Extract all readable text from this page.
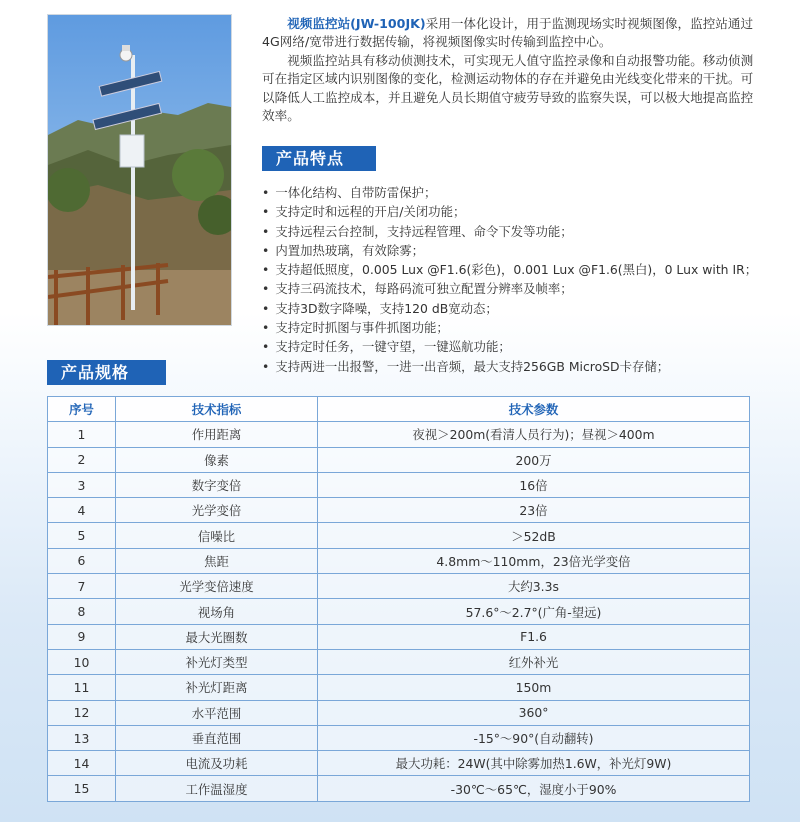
视频监控站(JW-100JK)采用一体化设计，用于监测现场实时视频图像，监控站通过4G网络/宽带进行数据传输，将视频图像实时传输到监控中心。

视频监控站具有移动侦测技术，可实现无人值守监控录像和自动报警功能。移动侦测可在指定区域内识别图像的变化，检测运动物体的存在并避免由光线变化带来的干扰。可以降低人工监控成本，并且避免人员长期值守疲劳导致的监察失误，可以极大地提高监控效率。

产品特点
• 一体化结构、自带防雷保护；
• 支持定时和远程的开启/关闭功能；
• 支持远程云台控制，支持远程管理、命令下发等功能；
• 内置加热玻璃，有效除雾；
• 支持超低照度，0.005 Lux @F1.6(彩色)，0.001 Lux @F1.6(黑白)，0 Lux with IR；
• 支持三码流技术，每路码流可独立配置分辨率及帧率；
• 支持3D数字降噪，支持120 dB宽动态；
• 支持定时抓图与事件抓图功能；
• 支持定时任务，一键守望，一键巡航功能；
• 支持两进一出报警，一进一出音频，最大支持256GB MicroSD卡存储；
产品规格
序号	技术指标	技术参数
1	作用距离	夜视＞200m(看清人员行为)；昼视＞400m
2	像素	200万
3	数字变倍	16倍
4	光学变倍	23倍
5	信噪比	＞52dB
6	焦距	4.8mm～110mm，23倍光学变倍
7	光学变倍速度	大约3.3s
8	视场角	57.6°～2.7°(广角-望远)
9	最大光圈数	F1.6
10	补光灯类型	红外补光
11	补光灯距离	150m
12	水平范围	360°
13	垂直范围	-15°～90°(自动翻转)
14	电流及功耗	最大功耗：24W(其中除雾加热1.6W，补光灯9W)
15	工作温湿度	-30℃～65℃，湿度小于90%
